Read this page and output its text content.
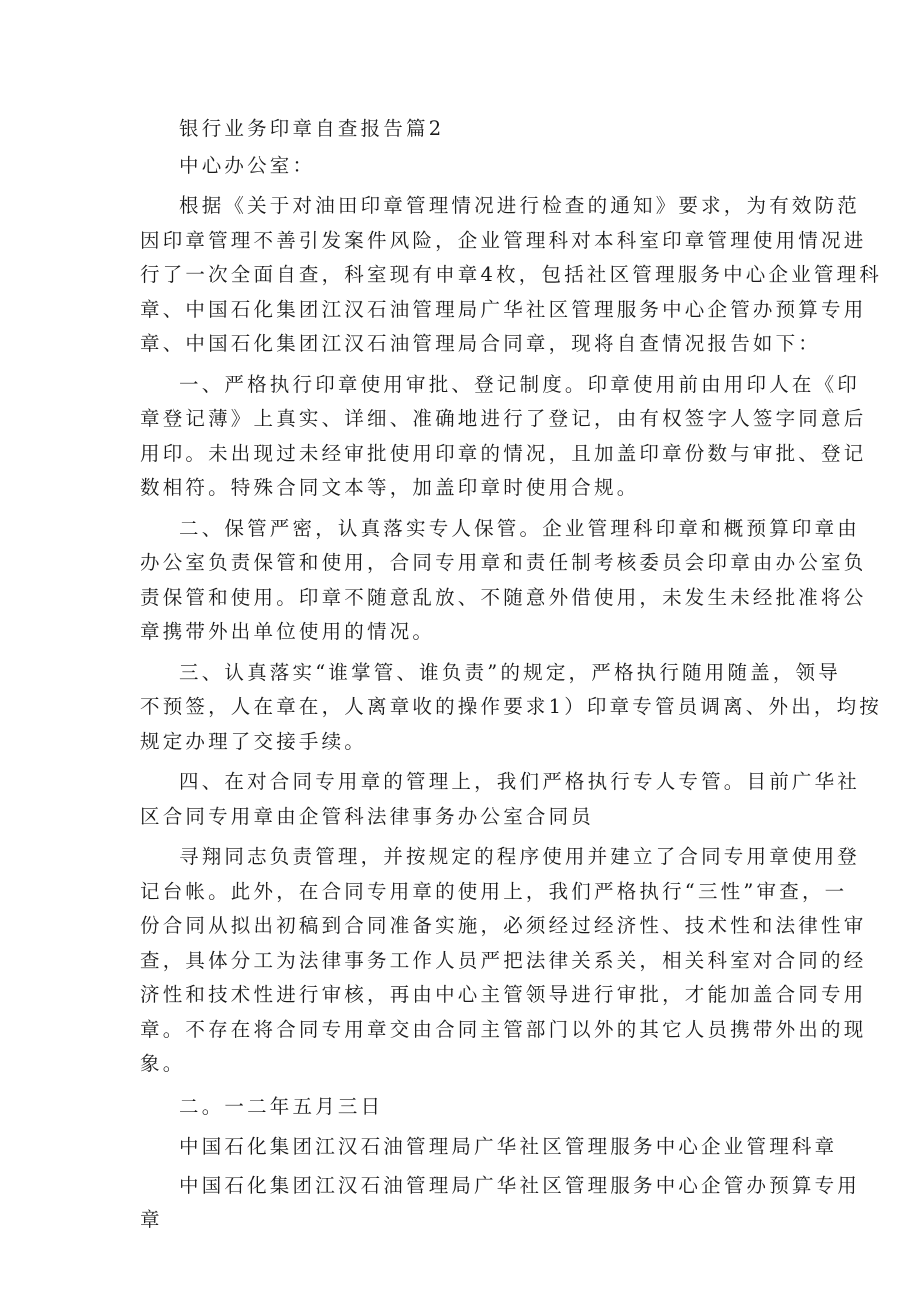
银行业务印章自查报告篇2

中心办公室：

根据《关于对油田印章管理情况进行检查的通知》要求，为有效防范
因印章管理不善引发案件风险，企业管理科对本科室印章管理使用情况进
行了一次全面自查，科室现有申章4枚，包括社区管理服务中心企业管理科
章、中国石化集团江汉石油管理局广华社区管理服务中心企管办预算专用
章、中国石化集团江汉石油管理局合同章，现将自查情况报告如下：
一、严格执行印章使用审批、登记制度。印章使用前由用印人在《印
章登记薄》上真实、详细、准确地进行了登记，由有权签字人签字同意后
用印。未出现过未经审批使用印章的情况，且加盖印章份数与审批、登记
数相符。特殊合同文本等，加盖印章时使用合规。
二、保管严密，认真落实专人保管。企业管理科印章和概预算印章由
办公室负责保管和使用，合同专用章和责任制考核委员会印章由办公室负
责保管和使用。印章不随意乱放、不随意外借使用，未发生未经批准将公
章携带外出单位使用的情况。
三、认真落实“谁掌管、谁负责”的规定，严格执行随用随盖，领导
不预签，人在章在，人离章收的操作要求1）印章专管员调离、外出，均按
规定办理了交接手续。
四、在对合同专用章的管理上，我们严格执行专人专管。目前广华社
区合同专用章由企管科法律事务办公室合同员
寻翔同志负责管理，并按规定的程序使用并建立了合同专用章使用登
记台帐。此外，在合同专用章的使用上，我们严格执行“三性”审查，一
份合同从拟出初稿到合同准备实施，必须经过经济性、技术性和法律性审
查，具体分工为法律事务工作人员严把法律关系关，相关科室对合同的经
济性和技术性进行审核，再由中心主管领导进行审批，才能加盖合同专用
章。不存在将合同专用章交由合同主管部门以外的其它人员携带外出的现
象。

二。一二年五月三日

中国石化集团江汉石油管理局广华社区管理服务中心企业管理科章
中国石化集团江汉石油管理局广华社区管理服务中心企管办预算专用
章
